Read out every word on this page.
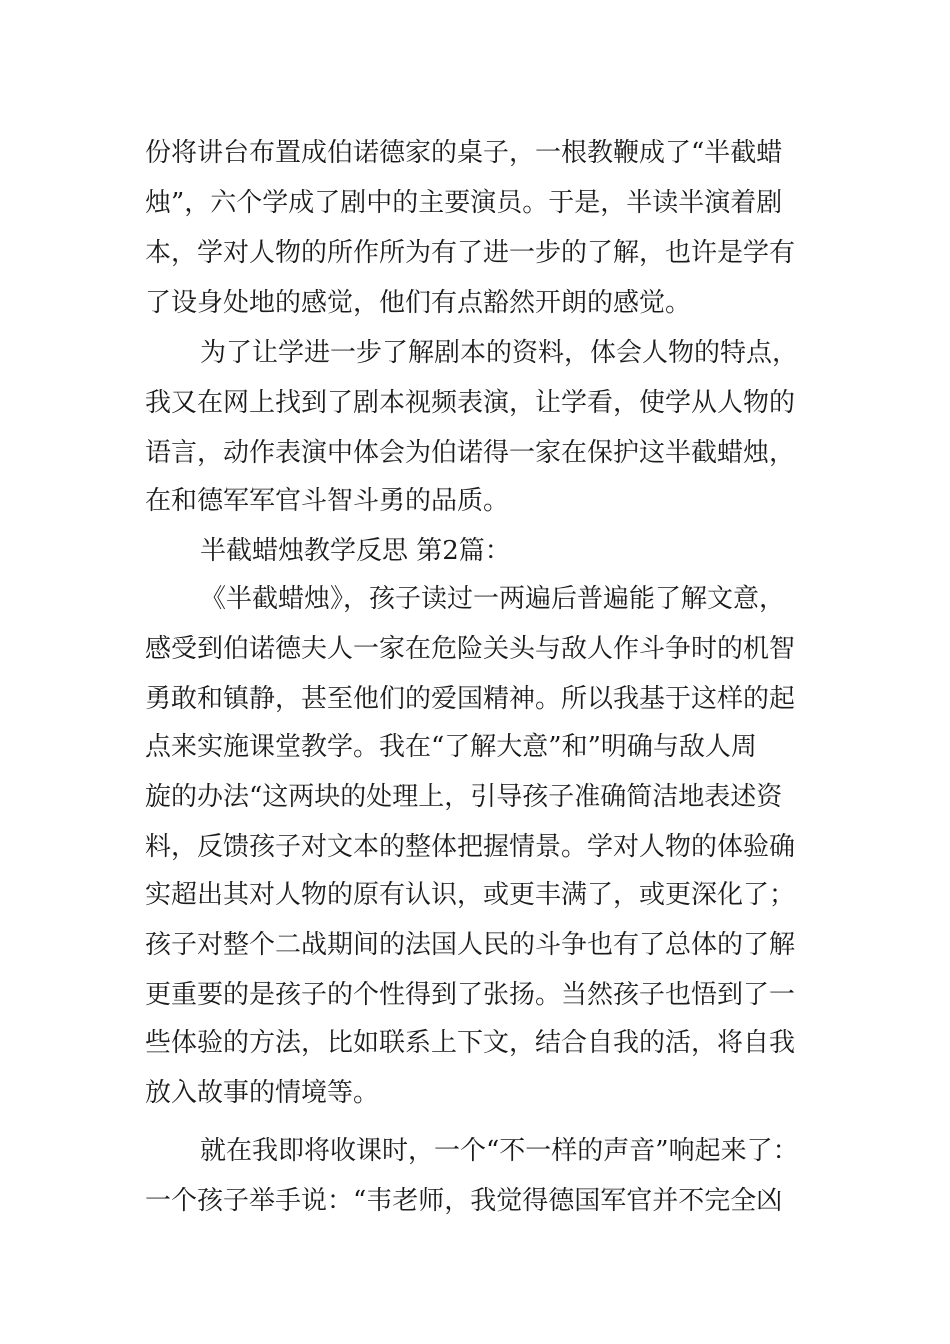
份将讲台布置成伯诺德家的桌子，一根教鞭成了“半截蜡
烛”，六个学成了剧中的主要演员。于是，半读半演着剧
本，学对人物的所作所为有了进一步的了解，也许是学有
了设身处地的感觉，他们有点豁然开朗的感觉。
为了让学进一步了解剧本的资料，体会人物的特点，
我又在网上找到了剧本视频表演，让学看，使学从人物的
语言，动作表演中体会为伯诺得一家在保护这半截蜡烛，
在和德军军官斗智斗勇的品质。
半截蜡烛教学反思 第2篇：
《半截蜡烛》，孩子读过一两遍后普遍能了解文意，
感受到伯诺德夫人一家在危险关头与敌人作斗争时的机智
勇敢和镇静，甚至他们的爱国精神。所以我基于这样的起
点来实施课堂教学。我在“了解大意”和”明确与敌人周
旋的办法“这两块的处理上，引导孩子准确简洁地表述资
料，反馈孩子对文本的整体把握情景。学对人物的体验确
实超出其对人物的原有认识，或更丰满了，或更深化了；
孩子对整个二战期间的法国人民的斗争也有了总体的了解
更重要的是孩子的个性得到了张扬。当然孩子也悟到了一
些体验的方法，比如联系上下文，结合自我的活，将自我
放入故事的情境等。
就在我即将收课时，一个“不一样的声音”响起来了：
一个孩子举手说：“韦老师，我觉得德国军官并不完全凶
